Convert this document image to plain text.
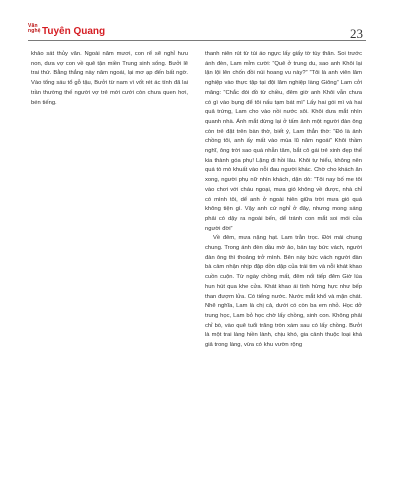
Văn nghệ Tuyên Quang	23

khảo sát thủy văn. Ngoài năm mươi, con rể sẽ nghỉ hưu non, dưa vợ con về quê tận miền Trung sinh sống. Bưởi lẽ trai thứ. Bằng thắng này năm ngoái, lại mơ ạp đến bất ngờ. Vào tổng sáu tổ gỗ tậu, Bưởi từ nam vì vốt rét ác tính đã lai trần thường thế người vợ trẻ mới cưới còn chưa quen hơi, bén tiếng.

thanh niên rút từ túi áo ngực lấy giấy tờ tùy thân. Soi trước ánh đèn, Lam mỉm cười: “Quê ở trung du, sao anh Khôi lại lặn lội lên chốn đồi núi hoang vu này?” “Tôi là anh viên lâm nghiệp vào thực tập tại đội lâm nghiệp làng Giông” Lam cởi măng: “Chắc đói đồ từ chiều, đêm giờ anh Khôi vẫn chưa có gì vào bụng để tôi nấu tạm bát mì” Lấy hai gói mì và hai quả trứng, Lam cho vào nồi nước sôi. Khôi dưa mắt nhìn quanh nhà. Ánh mắt dừng lại ở tấm ảnh một người đàn ông còn trẻ đặt trên bàn thờ, biết ý, Lam thẳn thờ: “Đó là ảnh chồng tôi, anh ấy mất vào mùa lũ năm ngoái” Khôi thầm nghĩ, ông trời sao quá nhẫn tâm, bắt cô gái trẻ xinh đẹp thế kia thành góa phụ! Lặng đi hồi lâu. Khôi tự hiểu, không nên quá tò mò khuất vào nỗi đau người khác. Chờ cho khách ăn xong, người phụ nữ nhìn khách, dặn dò: “Tôi nay bố me tôi vào chơi với cháu ngoại, mưa gió không về được, nhà chỉ có mình tôi, dể anh ở ngoài hiên giữa trời mưa gió quá không tiện gì. Vậy anh cứ nghỉ ở đây, nhưng mong sáng phải có dậy ra ngoài bến, dể tránh con mắt soi mói của người đời”

Về đêm, mưa nặng hạt. Lam trằn trọc. Đời mái chung chung. Trong ánh đèn dầu mờ ảo, bản tay bức vách, người đàn ông thì thoảng trở mình. Bên này bức vách người đàn bà cảm nhận nhịp đập dồn dập của trái tim và nỗi khát khao cuồn cuộn. Từ ngày chồng mất, đêm nối tiếp đêm Giờ lúa hun hút qua khe cửa. Khát khao ái tình hừng hực như bếp than đượm lửa. Có tiếng nước. Nước mắt khổ và mặn chát. Nhẽ nghĩa, Lam là chị cả, dưới có còn ba em nhỏ. Học dở trung học, Lam bỏ học chờ lấy chồng, sinh con. Không phải chỉ bò, vào quê tuổi trăng tròn xám sau có lấy chồng. Bưởi là một trai làng hiền lành, chịu khó, gia cảnh thuộc loại khá giả trong làng, vừa có khu vườn rộng
